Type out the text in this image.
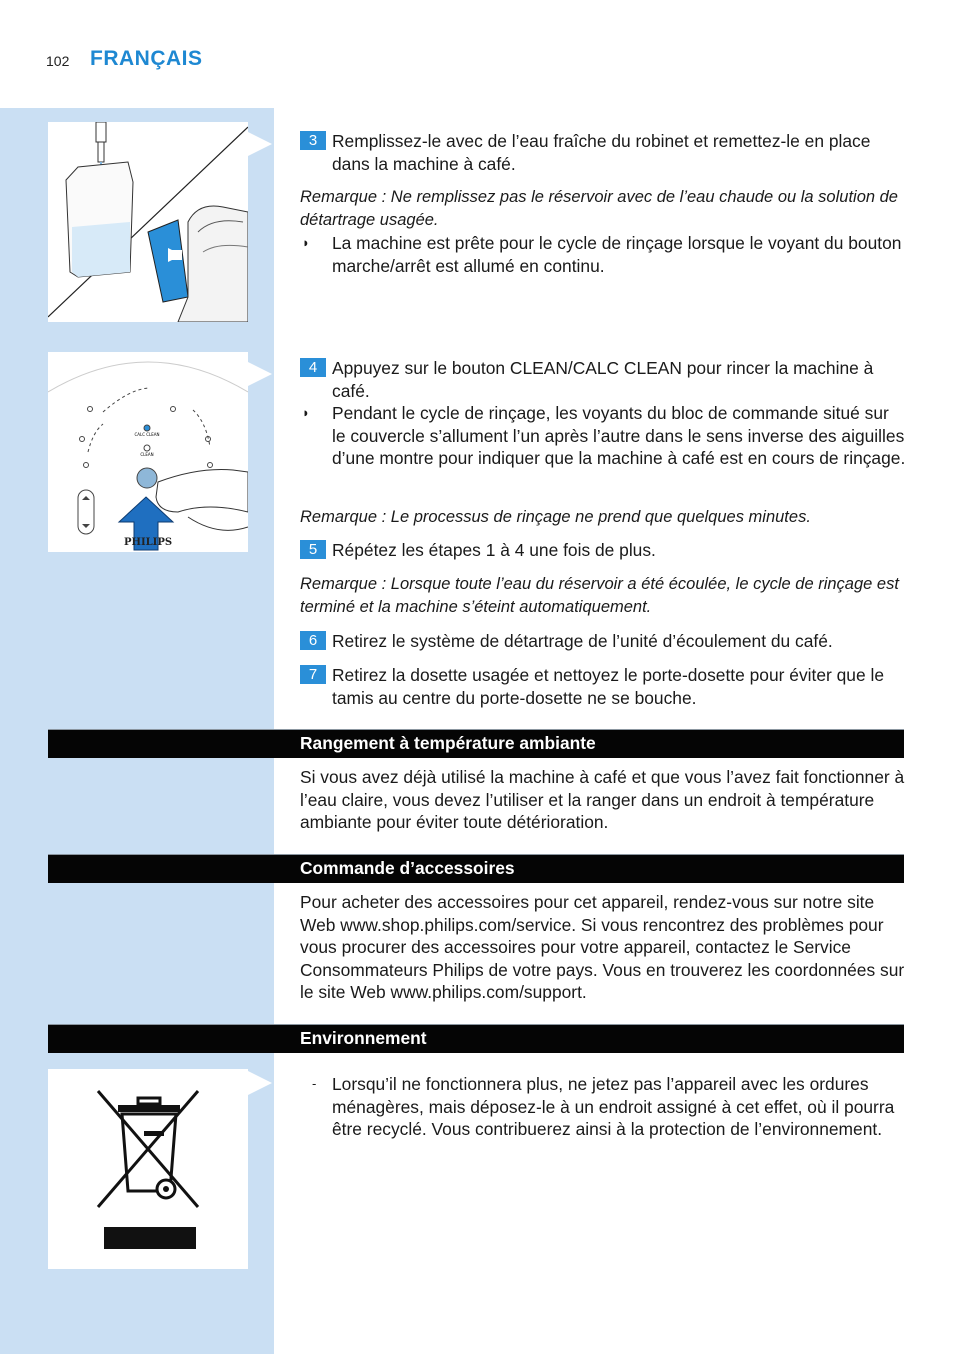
102 FRANÇAIS
CALC CLEAN
CLEAN
PHILIPS
3 Remplissez-le avec de l’eau fraîche du robinet et remettez-le en place dans la machine à café.
Remarque : Ne remplissez pas le réservoir avec de l’eau chaude ou la solution de détartrage usagée.
◗ La machine est prête pour le cycle de rinçage lorsque le voyant du bouton marche/arrêt est allumé en continu.
4 Appuyez sur le bouton CLEAN/CALC CLEAN pour rincer la machine à café.
◗ Pendant le cycle de rinçage, les voyants du bloc de commande situé sur le couvercle s’allument l’un après l’autre dans le sens inverse des aiguilles d’une montre pour indiquer que la machine à café est en cours de rinçage.
Remarque : Le processus de rinçage ne prend que quelques minutes.
5 Répétez les étapes 1 à 4 une fois de plus.
Remarque : Lorsque toute l’eau du réservoir a été écoulée, le cycle de rinçage est terminé et la machine s’éteint automatiquement.
6 Retirez le système de détartrage de l’unité d’écoulement du café.
7 Retirez la dosette usagée et nettoyez le porte-dosette pour éviter que le tamis au centre du porte-dosette ne se bouche.
Rangement à température ambiante
Si vous avez déjà utilisé la machine à café et que vous l’avez fait fonctionner à l’eau claire, vous devez l’utiliser et la ranger dans un endroit à température ambiante pour éviter toute détérioration.
Commande d’accessoires
Pour acheter des accessoires pour cet appareil, rendez-vous sur notre site Web www.shop.philips.com/service. Si vous rencontrez des problèmes pour vous procurer des accessoires pour votre appareil, contactez le Service Consommateurs Philips de votre pays. Vous en trouverez les coordonnées sur le site Web www.philips.com/support.
Environnement
- Lorsqu’il ne fonctionnera plus, ne jetez pas l’appareil avec les ordures ménagères, mais déposez-le à un endroit assigné à cet effet, où il pourra être recyclé. Vous contribuerez ainsi à la protection de l’environnement.
